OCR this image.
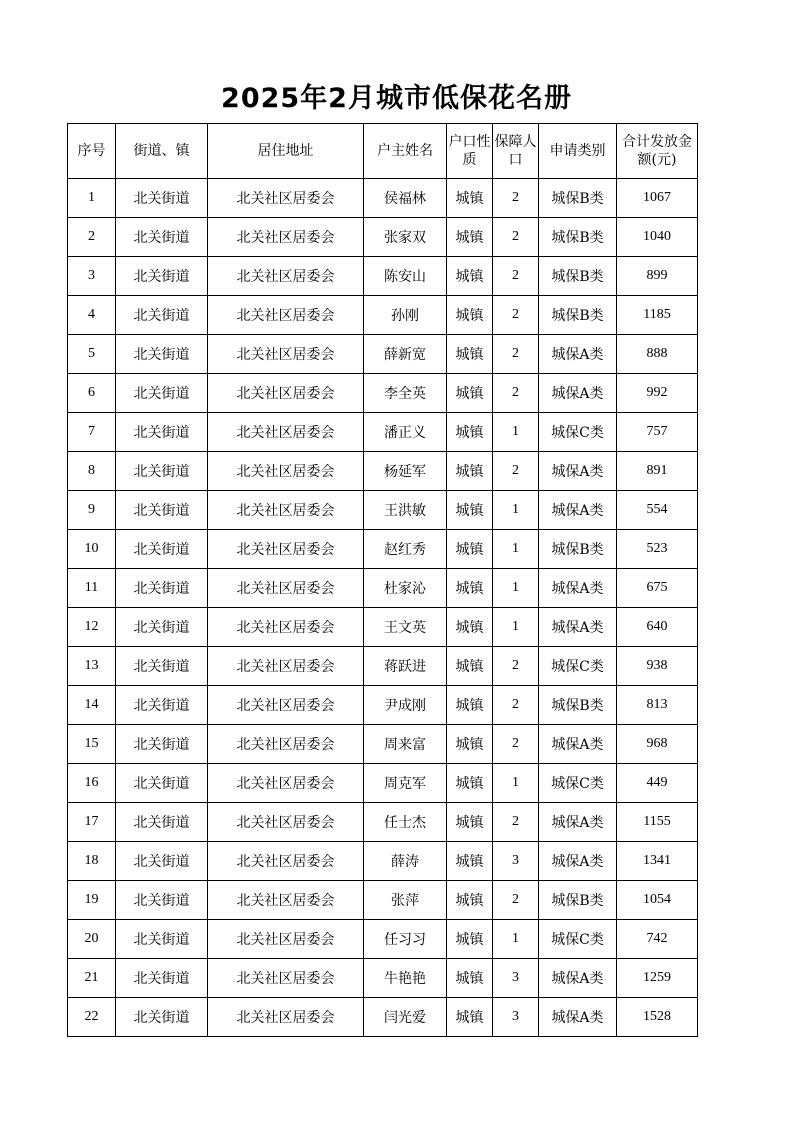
2025年2月城市低保花名册
序号	街道、镇	居住地址	户主姓名	户口性质	保障人口	申请类别	合计发放金额(元)
1	北关街道	北关社区居委会	侯福林	城镇	2	城保B类	1067
2	北关街道	北关社区居委会	张家双	城镇	2	城保B类	1040
3	北关街道	北关社区居委会	陈安山	城镇	2	城保B类	899
4	北关街道	北关社区居委会	孙刚	城镇	2	城保B类	1185
5	北关街道	北关社区居委会	薛新宽	城镇	2	城保A类	888
6	北关街道	北关社区居委会	李全英	城镇	2	城保A类	992
7	北关街道	北关社区居委会	潘正义	城镇	1	城保C类	757
8	北关街道	北关社区居委会	杨延军	城镇	2	城保A类	891
9	北关街道	北关社区居委会	王洪敏	城镇	1	城保A类	554
10	北关街道	北关社区居委会	赵红秀	城镇	1	城保B类	523
11	北关街道	北关社区居委会	杜家沁	城镇	1	城保A类	675
12	北关街道	北关社区居委会	王文英	城镇	1	城保A类	640
13	北关街道	北关社区居委会	蒋跃进	城镇	2	城保C类	938
14	北关街道	北关社区居委会	尹成刚	城镇	2	城保B类	813
15	北关街道	北关社区居委会	周来富	城镇	2	城保A类	968
16	北关街道	北关社区居委会	周克军	城镇	1	城保C类	449
17	北关街道	北关社区居委会	任士杰	城镇	2	城保A类	1155
18	北关街道	北关社区居委会	薛涛	城镇	3	城保A类	1341
19	北关街道	北关社区居委会	张萍	城镇	2	城保B类	1054
20	北关街道	北关社区居委会	任习习	城镇	1	城保C类	742
21	北关街道	北关社区居委会	牛艳艳	城镇	3	城保A类	1259
22	北关街道	北关社区居委会	闫光爱	城镇	3	城保A类	1528
